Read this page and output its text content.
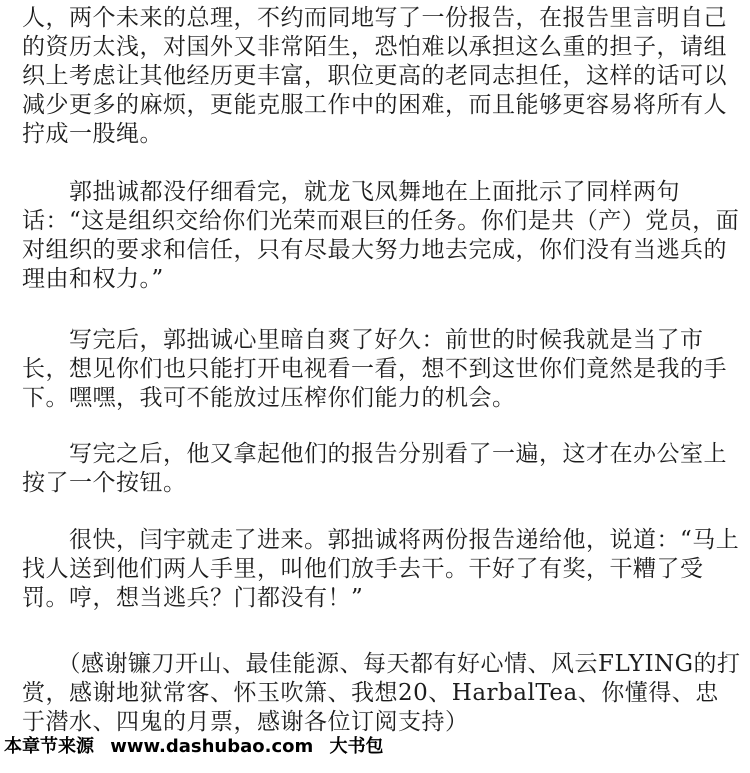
人，两个未来的总理，不约而同地写了一份报告，在报告里言明自己的资历太浅，对国外又非常陌生，恐怕难以承担这么重的担子，请组织上考虑让其他经历更丰富，职位更高的老同志担任，这样的话可以减少更多的麻烦，更能克服工作中的困难，而且能够更容易将所有人拧成一股绳。

　　郭拙诚都没仔细看完，就龙飞凤舞地在上面批示了同样两句话：“这是组织交给你们光荣而艰巨的任务。你们是共（产）党员，面对组织的要求和信任，只有尽最大努力地去完成，你们没有当逃兵的理由和权力。”

　　写完后，郭拙诚心里暗自爽了好久：前世的时候我就是当了市长，想见你们也只能打开电视看一看，想不到这世你们竟然是我的手下。嘿嘿，我可不能放过压榨你们能力的机会。

　　写完之后，他又拿起他们的报告分别看了一遍，这才在办公室上按了一个按钮。

　　很快，闫宇就走了进来。郭拙诚将两份报告递给他，说道：“马上找人送到他们两人手里，叫他们放手去干。干好了有奖，干糟了受罚。哼，想当逃兵？门都没有！”

　　（感谢镰刀开山、最佳能源、每天都有好心情、风云FLYING的打赏，感谢地狱常客、怀玉吹箫、我想20、HarbalTea、你懂得、忠于潜水、四鬼的月票，感谢各位订阅支持）

本章节来源 www.dashubao.com 大书包
